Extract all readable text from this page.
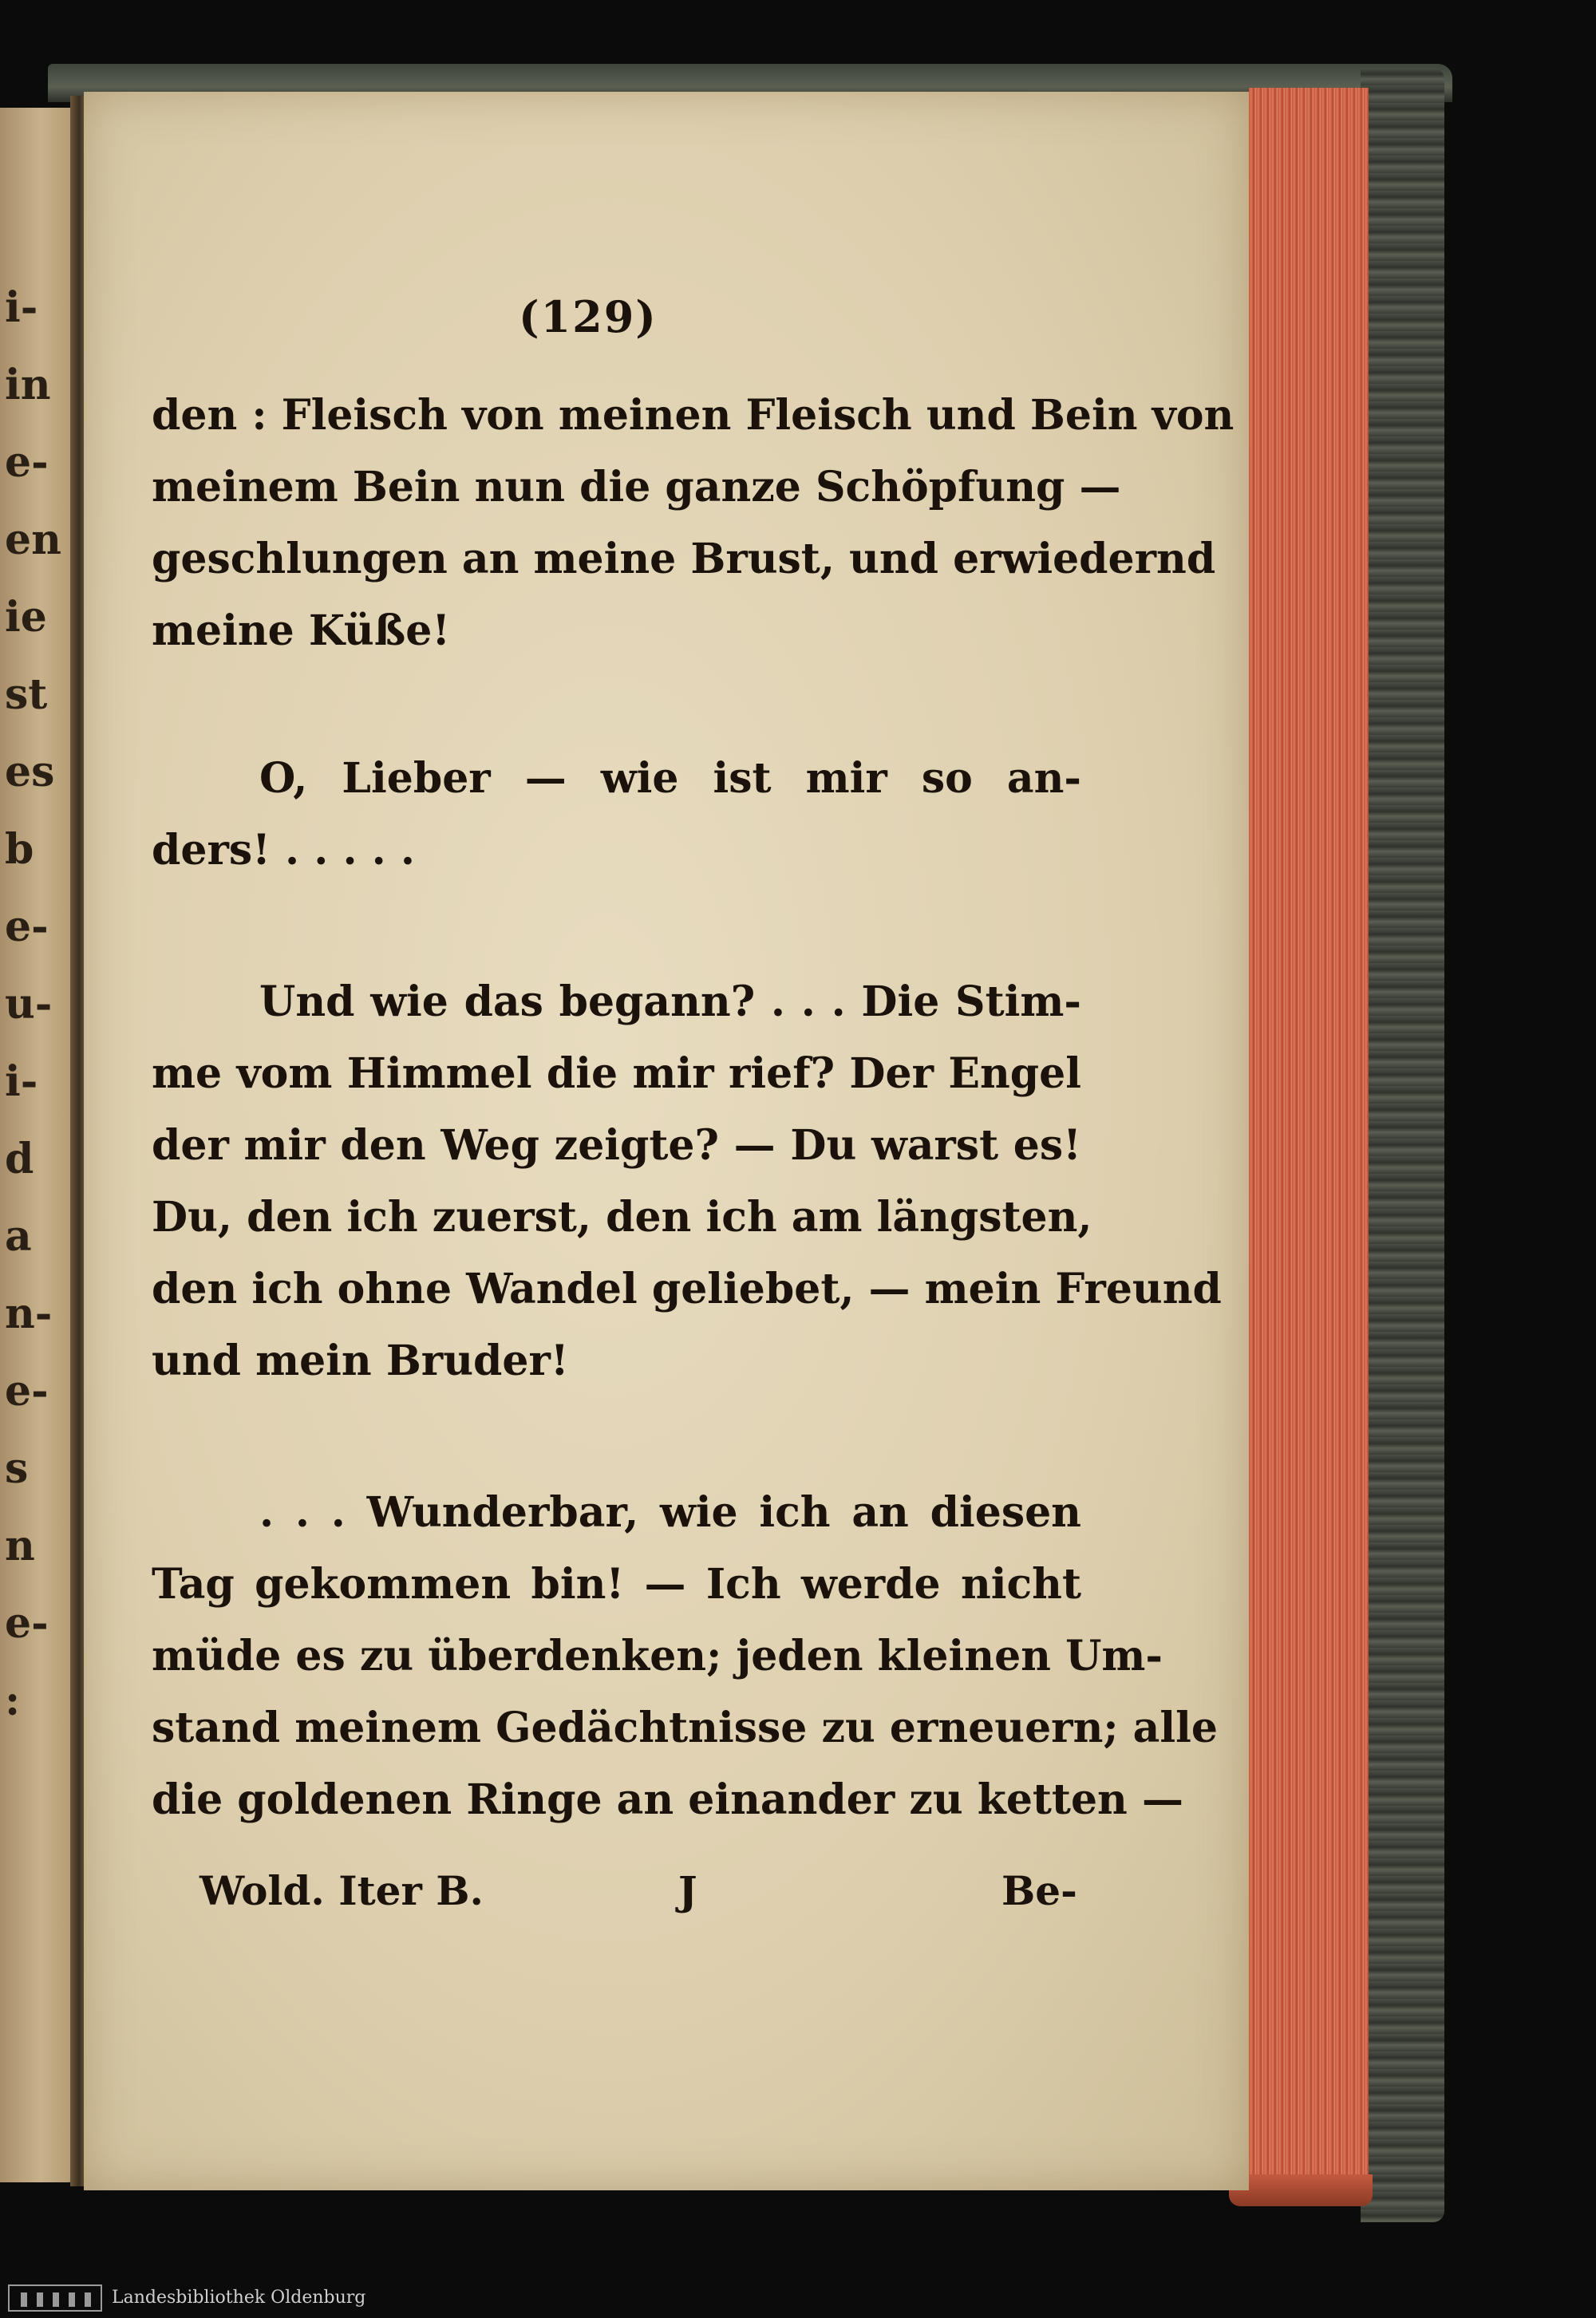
i-
in
e-
en
ie
st
es
b
e-
u-
i-
d
a
n-
e-
s
n
e-
:
(129)
den : Fleisch von meinen Fleisch und Bein von
meinem Bein nun die ganze Schöpfung —
geschlungen an meine Brust, und erwiedernd
meine Küße!
O, Lieber — wie ist mir so an-
ders! . . . . .
Und wie das begann? . . . Die Stim-
me vom Himmel die mir rief? Der Engel
der mir den Weg zeigte? — Du warst es!
Du, den ich zuerst, den ich am längsten,
den ich ohne Wandel geliebet, — mein Freund
und mein Bruder!
. . . Wunderbar, wie ich an diesen
Tag gekommen bin! — Ich werde nicht
müde es zu überdenken; jeden kleinen Um-
stand meinem Gedächtnisse zu erneuern; alle
die goldenen Ringe an einander zu ketten —
Wold. Iter B.	J	Be-
Landesbibliothek Oldenburg
